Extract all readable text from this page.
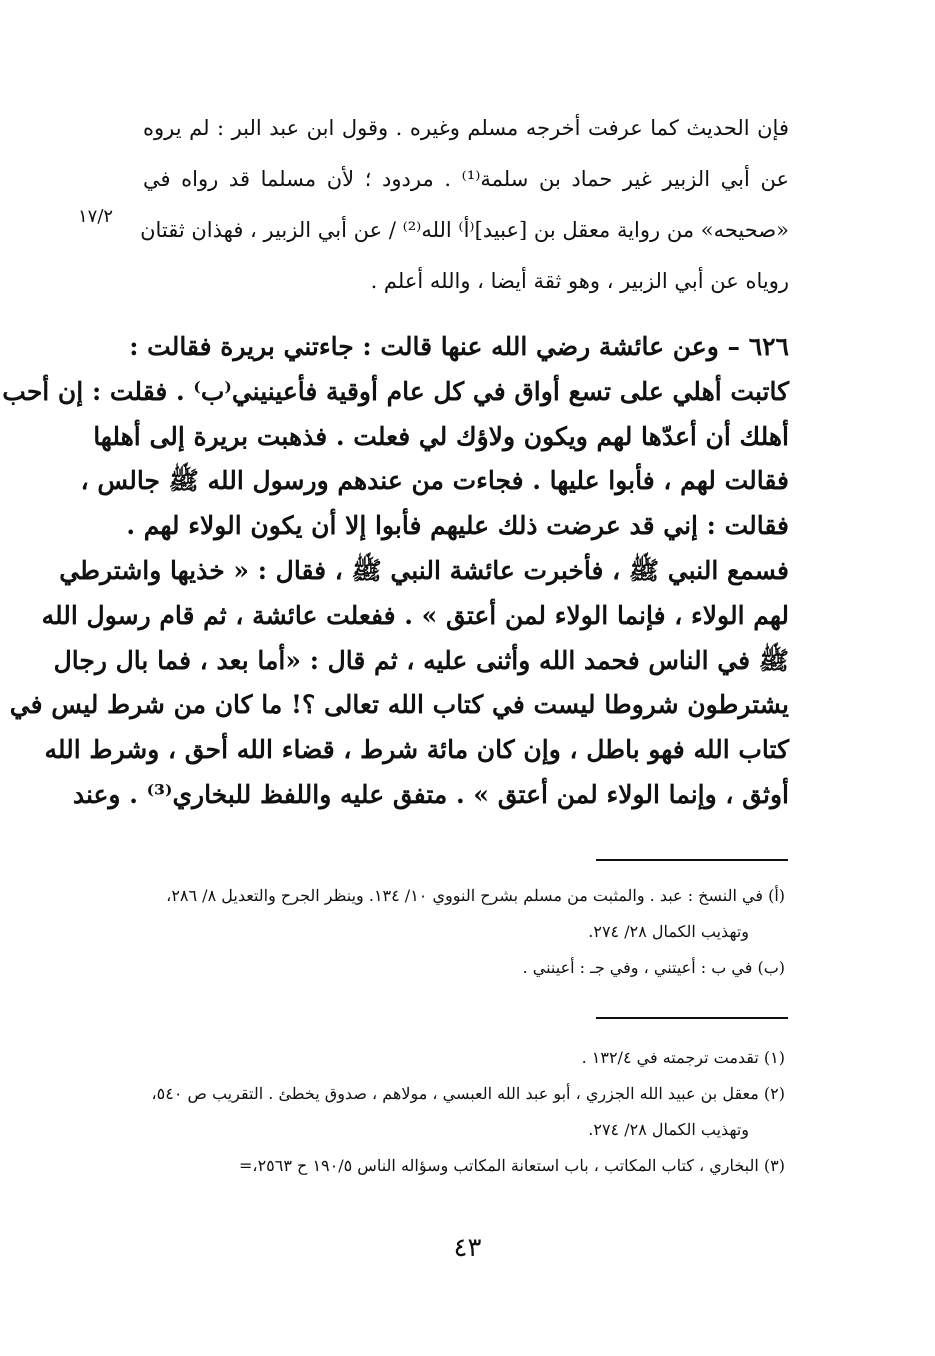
١٧/٢
فإن الحديث كما عرفت أخرجه مسلم وغيره . وقول ابن عبد البر : لم يروه
عن أبي الزبير غير حماد بن سلمة⁽¹⁾ . مردود ؛ لأن مسلما قد رواه في
«صحيحه» من رواية معقل بن [عبيد]⁽أ⁾ الله⁽²⁾ / عن أبي الزبير ، فهذان ثقتان
روياه عن أبي الزبير ، وهو ثقة أيضا ، والله أعلم .
٦٢٦ – وعن عائشة رضي الله عنها قالت : جاءتني بريرة فقالت :
كاتبت أهلي على تسع أواق في كل عام أوقية فأعينيني⁽ب⁾ . فقلت : إن أحب
أهلك أن أعدّها لهم ويكون ولاؤك لي فعلت . فذهبت بريرة إلى أهلها
فقالت لهم ، فأبوا عليها . فجاءت من عندهم ورسول الله ﷺ جالس ،
فقالت : إني قد عرضت ذلك عليهم فأبوا إلا أن يكون الولاء لهم .
فسمع النبي ﷺ ، فأخبرت عائشة النبي ﷺ ، فقال : « خذيها واشترطي
لهم الولاء ، فإنما الولاء لمن أعتق » . ففعلت عائشة ، ثم قام رسول الله
ﷺ في الناس فحمد الله وأثنى عليه ، ثم قال : «أما بعد ، فما بال رجال
يشترطون شروطا ليست في كتاب الله تعالى ؟! ما كان من شرط ليس في
كتاب الله فهو باطل ، وإن كان مائة شرط ، قضاء الله أحق ، وشرط الله
أوثق ، وإنما الولاء لمن أعتق » . متفق عليه واللفظ للبخاري⁽³⁾ . وعند
(أ) في النسخ : عبد . والمثبت من مسلم بشرح النووي ١٠/ ١٣٤. وينظر الجرح والتعديل ٨/ ٢٨٦،
وتهذيب الكمال ٢٨/ ٢٧٤.
(ب) في ب : أعيتني ، وفي جـ : أعينني .
(١) تقدمت ترجمته في ١٣٢/٤ .
(٢) معقل بن عبيد الله الجزري ، أبو عبد الله العبسي ، مولاهم ، صدوق يخطئ . التقريب ص ٥٤٠،
وتهذيب الكمال ٢٨/ ٢٧٤.
(٣) البخاري ، كتاب المكاتب ، باب استعانة المكاتب وسؤاله الناس ١٩٠/٥ ح ٢٥٦٣،=
٤٣
